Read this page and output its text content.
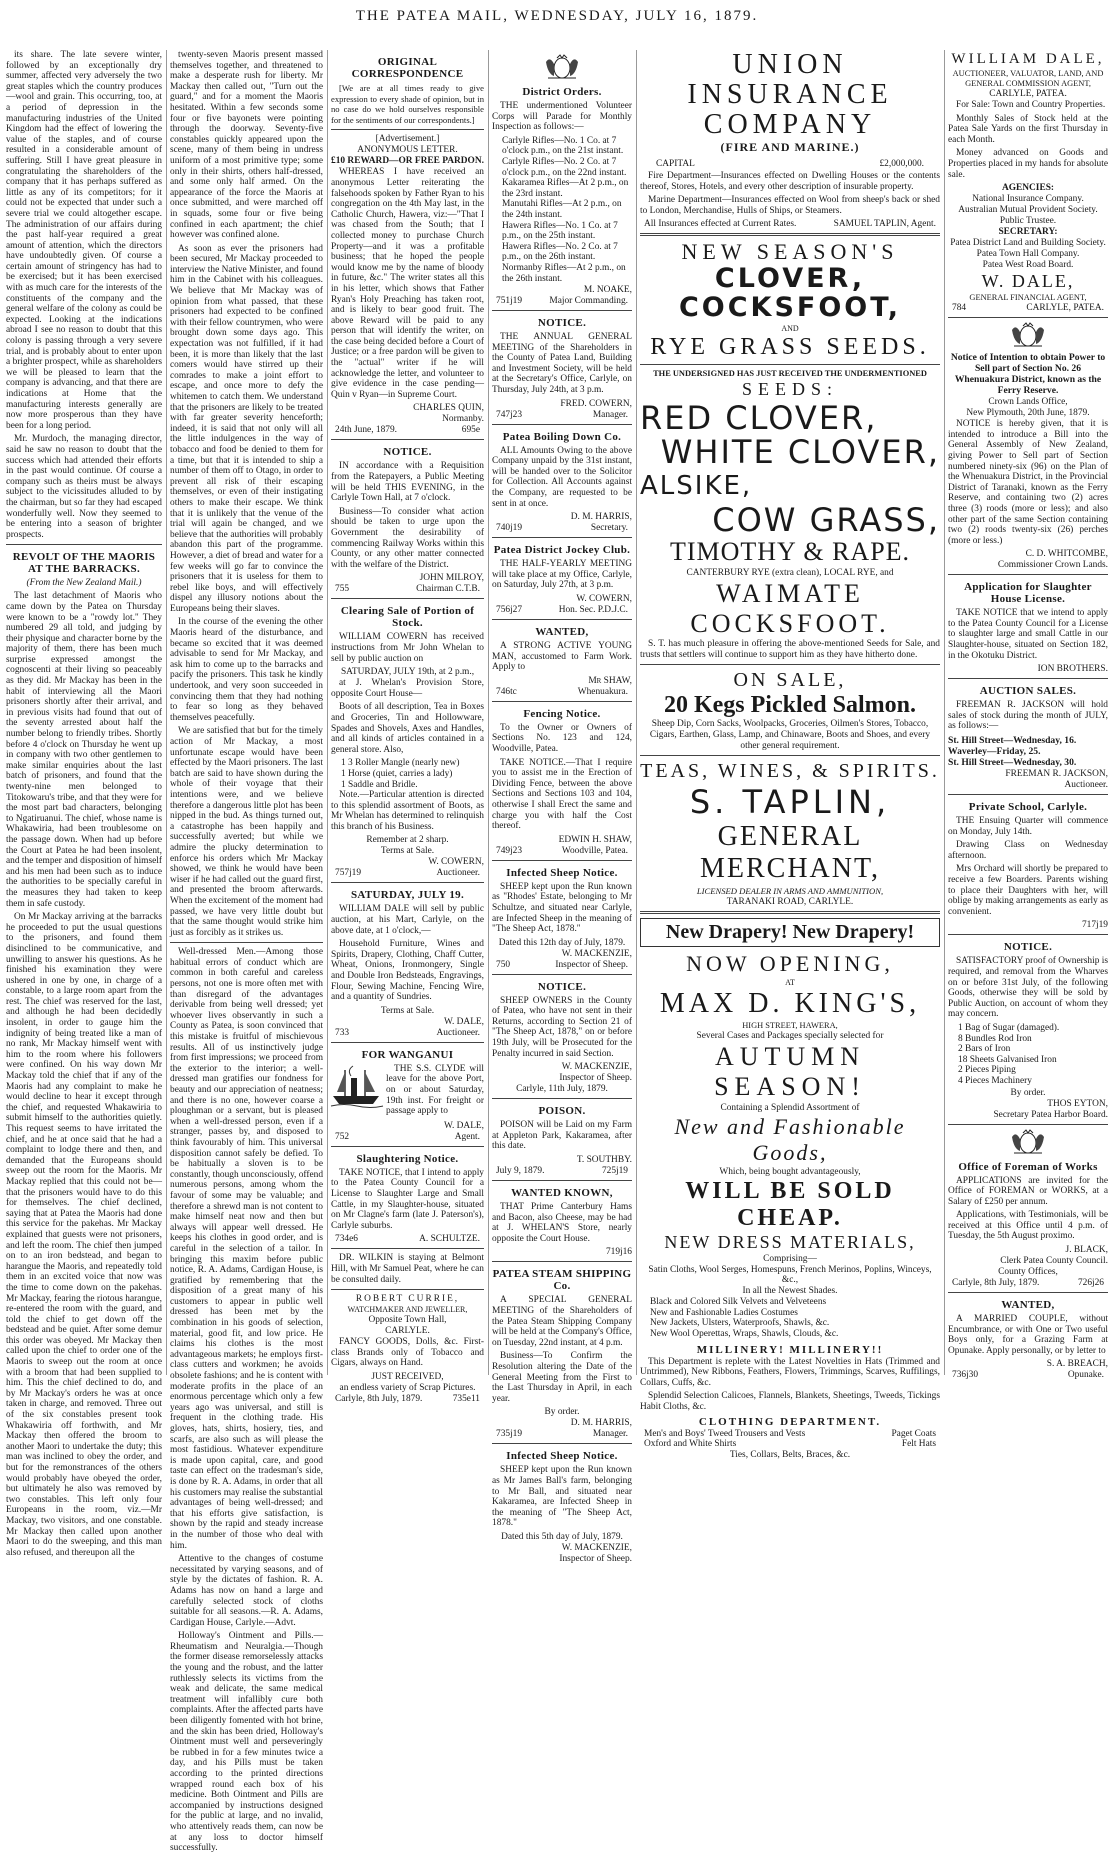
THE PATEA MAIL, WEDNESDAY, JULY 16, 1879.

its share. The late severe winter, followed by an exceptionally dry summer, affected very adversely the two great staples which the country produces—wool and grain. This occurring, too, at a period of depression in the manufacturing industries of the United Kingdom had the effect of lowering the value of the staples, and of course resulted in a considerable amount of suffering. Still I have great pleasure in congratulating the shareholders of the company that it has perhaps suffered as little as any of its competitors; for it could not be expected that under such a severe trial we could altogether escape. The administration of our affairs during the past half-year required a great amount of attention, which the directors have undoubtedly given. Of course a certain amount of stringency has had to be exercised; but it has been exercised with as much care for the interests of the constituents of the company and the general welfare of the colony as could be expected. Looking at the indications abroad I see no reason to doubt that this colony is passing through a very severe trial, and is probably about to enter upon a brighter prospect, while as shareholders we will be pleased to learn that the company is advancing, and that there are indications at Home that the manufacturing interests generally are now more prosperous than they have been for a long period.

Mr. Murdoch, the managing director, said he saw no reason to doubt that the success which had attended their efforts in the past would continue. Of course a company such as theirs must be always subject to the vicissitudes alluded to by the chairman, but so far they had escaped wonderfully well. Now they seemed to be entering into a season of brighter prospects.

REVOLT OF THE MAORIS AT THE BARRACKS.
(From the New Zealand Mail.)

The last detachment of Maoris who came down by the Patea on Thursday were known to be a "rowdy lot." They numbered 29 all told, and judging by their physique and character borne by the majority of them, there has been much surprise expressed amongst the cognoscenti at their living so peaceably as they did. Mr Mackay has been in the habit of interviewing all the Maori prisoners shortly after their arrival, and in previous visits had found that out of the seventy arrested about half the number belong to friendly tribes. Shortly before 4 o'clock on Thursday he went up in company with two other gentlemen to make similar enquiries about the last batch of prisoners, and found that the twenty-nine men belonged to Titokowaru's tribe, and that they were for the most part bad characters, belonging to Ngatiruanui. The chief, whose name is Whakawiria, had been troublesome on the passage down. When had up before the Court at Patea he had been insolent, and the temper and disposition of himself and his men had been such as to induce the authorities to be specially careful in the measures they had taken to keep them in safe custody.

On Mr Mackay arriving at the barracks he proceeded to put the usual questions to the prisoners, and found them disinclined to be communicative, and unwilling to answer his questions. As he finished his examination they were ushered in one by one, in charge of a constable, to a large room apart from the rest. The chief was reserved for the last, and although he had been decidedly insolent, in order to gauge him the indignity of being treated like a man of no rank, Mr Mackay himself went with him to the room where his followers were confined. On his way down Mr Mackay told the chief that if any of the Maoris had any complaint to make he would decline to hear it except through the chief, and requested Whakawiria to submit himself to the authorities quietly. This request seems to have irritated the chief, and he at once said that he had a complaint to lodge there and then, and demanded that the Europeans should sweep out the room for the Maoris. Mr Mackay replied that this could not be—that the prisoners would have to do this for themselves. The chief declined, saying that at Patea the Maoris had done this service for the pakehas. Mr Mackay explained that guests were not prisoners, and left the room. The chief then jumped on to an iron bedstead, and began to harangue the Maoris, and repeatedly told them in an excited voice that now was the time to come down on the pakehas. Mr Mackay, fearing the riotous harangue, re-entered the room with the guard, and told the chief to get down off the bedstead and be quiet. After some demur this order was obeyed. Mr Mackay then called upon the chief to order one of the Maoris to sweep out the room at once with a broom that had been supplied to him. This the chief declined to do, and by Mr Mackay's orders he was at once taken in charge, and removed. Three out of the six constables present took Whakawiria off forthwith, and Mr Mackay then offered the broom to another Maori to undertake the duty; this man was inclined to obey the order, and but for the remonstrances of the others would probably have obeyed the order, but ultimately he also was removed by two constables. This left only four Europeans in the room, viz.—Mr Mackay, two visitors, and one constable. Mr Mackay then called upon another Maori to do the sweeping, and this man also refused, and thereupon all the

twenty-seven Maoris present massed themselves together, and threatened to make a desperate rush for liberty. Mr Mackay then called out, "Turn out the guard," and for a moment the Maoris hesitated. Within a few seconds some four or five bayonets were pointing through the doorway. Seventy-five constables quickly appeared upon the scene, many of them being in undress uniform of a most primitive type; some only in their shirts, others half-dressed, and some only half armed. On the appearance of the force the Maoris at once submitted, and were marched off in squads, some four or five being confined in each apartment; the chief however was confined alone.

As soon as ever the prisoners had been secured, Mr Mackay proceeded to interview the Native Minister, and found him in the Cabinet with his colleagues. We believe that Mr Mackay was of opinion from what passed, that these prisoners had expected to be confined with their fellow countrymen, who were brought down some days ago. This expectation was not fulfilled, if it had been, it is more than likely that the last comers would have stirred up their comrades to make a joint effort to escape, and once more to defy the whitemen to catch them. We understand that the prisoners are likely to be treated with far greater severity henceforth; indeed, it is said that not only will all the little indulgences in the way of tobacco and food be denied to them for a time, but that it is intended to ship a number of them off to Otago, in order to prevent all risk of their escaping themselves, or even of their instigating others to make their escape. We think that it is unlikely that the venue of the trial will again be changed, and we believe that the authorities will probably abandon this part of the programme. However, a diet of bread and water for a few weeks will go far to convince the prisoners that it is useless for them to rebel like boys, and will effectively dispel any illusory notions about the Europeans being their slaves.

In the course of the evening the other Maoris heard of the disturbance, and became so excited that it was deemed advisable to send for Mr Mackay, and ask him to come up to the barracks and pacify the prisoners. This task he kindly undertook, and very soon succeeded in convincing them that they had nothing to fear so long as they behaved themselves peacefully.

We are satisfied that but for the timely action of Mr Mackay, a most unfortunate escape would have been effected by the Maori prisoners. The last batch are said to have shown during the whole of their voyage that their intentions were, and we believe therefore a dangerous little plot has been nipped in the bud. As things turned out, a catastrophe has been happily and successfully averted; but while we admire the plucky determination to enforce his orders which Mr Mackay showed, we think he would have been wiser if he had called out the guard first, and presented the broom afterwards. When the excitement of the moment had passed, we have very little doubt but that the same thought would strike him just as forcibly as it strikes us.

Well-dressed Men.—Among those habitual errors of conduct which are common in both careful and careless persons, not one is more often met with than disregard of the advantages derivable from being well dressed; yet whoever lives observantly in such a County as Patea, is soon convinced that this mistake is fruitful of mischievous results. All of us instinctively judge from first impressions; we proceed from the exterior to the interior; a well-dressed man gratifies our fondness for beauty and our appreciation of neatness; and there is no one, however coarse a ploughman or a servant, but is pleased when a well-dressed person, even if a stranger, passes by, and disposed to think favourably of him. This universal disposition cannot safely be defied. To be habitually a sloven is to be constantly, though unconsciously, offend numerous persons, among whom the favour of some may be valuable; and therefore a shrewd man is not content to make himself neat now and then but always will appear well dressed. He keeps his clothes in good order, and is careful in the selection of a tailor. In bringing this maxim before public notice, R. A. Adams, Cardigan House, is gratified by remembering that the disposition of a great many of his customers to appear in public well dressed has been met by the combination in his goods of selection, material, good fit, and low price. He claims his clothes is the most advantageous markets; he employs first-class cutters and workmen; he avoids obsolete fashions; and he is content with moderate profits in the place of an enormous percentage which only a few years ago was universal, and still is frequent in the clothing trade. His gloves, hats, shirts, hosiery, ties, and scarfs, are also such as will please the most fastidious. Whatever expenditure is made upon capital, care, and good taste can effect on the tradesman's side, is done by R. A. Adams, in order that all his customers may realise the substantial advantages of being well-dressed; and that his efforts give satisfaction, is shown by the rapid and steady increase in the number of those who deal with him.

Attentive to the changes of costume necessitated by varying seasons, and of style by the dictates of fashion. R. A. Adams has now on hand a large and carefully selected stock of cloths suitable for all seasons.—R. A. Adams, Cardigan House, Carlyle.—Advt.

Holloway's Ointment and Pills.—Rheumatism and Neuralgia.—Though the former disease remorselessly attacks the young and the robust, and the latter ruthlessly selects its victims from the weak and delicate, the same medical treatment will infallibly cure both complaints. After the affected parts have been diligently fomented with hot brine, and the skin has been dried, Holloway's Ointment must well and perseveringly be rubbed in for a few minutes twice a day, and his Pills must be taken according to the printed directions wrapped round each box of his medicine. Both Ointment and Pills are accompanied by instructions designed for the public at large, and no invalid, who attentively reads them, can now be at any loss to doctor himself successfully.

ORIGINAL CORRESPONDENCE

[We are at all times ready to give expression to every shade of opinion, but in no case do we hold ourselves responsible for the sentiments of our correspondents.]

[Advertisement.]
ANONYMOUS LETTER.
£10 REWARD—OR FREE PARDON.

WHEREAS I have received an anonymous Letter reiterating the falsehoods spoken by Father Ryan to his congregation on the 4th May last, in the Catholic Church, Hawera, viz:—"That I was chased from the South; that I collected money to purchase Church Property—and it was a profitable business; that he hoped the people would know me by the name of bloody in future, &c." The writer states all this in his letter, which shows that Father Ryan's Holy Preaching has taken root, and is likely to bear good fruit. The above Reward will be paid to any person that will identify the writer, on the case being decided before a Court of Justice; or a free pardon will be given to the "actual" writer if he will acknowledge the letter, and volunteer to give evidence in the case pending—Quin v Ryan—in Supreme Court.

CHARLES QUIN,
Normanby.
24th June, 1879.	695e
NOTICE.

IN accordance with a Requisition from the Ratepayers, a Public Meeting will be held THIS EVENING, in the Carlyle Town Hall, at 7 o'clock.

Business—To consider what action should be taken to urge upon the Government the desirability of commencing Railway Works within this County, or any other matter connected with the welfare of the District.

JOHN MILROY,
755	Chairman C.T.B.
Clearing Sale of Portion of Stock.

WILLIAM COWERN has received instructions from Mr John Whelan to sell by public auction on

SATURDAY, JULY 19th, at 2 p.m.,

at J. Whelan's Provision Store, opposite Court House—

Boots of all description, Tea in Boxes and Groceries, Tin and Hollowware, Spades and Shovels, Axes and Handles, and all kinds of articles contained in a general store. Also,

1 3 Roller Mangle (nearly new)
1 Horse (quiet, carries a lady)
1 Saddle and Bridle.

Note.—Particular attention is directed to this splendid assortment of Boots, as Mr Whelan has determined to relinquish this branch of his Business.

Remember at 2 sharp.
Terms at Sale.
W. COWERN,
757j19	Auctioneer.
SATURDAY, JULY 19.

WILLIAM DALE will sell by public auction, at his Mart, Carlyle, on the above date, at 1 o'clock,—

Household Furniture, Wines and Spirits, Drapery, Clothing, Chaff Cutter, Wheat, Onions, Ironmongery, Single and Double Iron Bedsteads, Engravings, Flour, Sewing Machine, Fencing Wire, and a quantity of Sundries.

Terms at Sale.
W. DALE,
733	Auctioneer.
FOR WANGANUI

THE S.S. CLYDE will leave for the above Port, on or about Saturday, 19th inst. For freight or passage apply to

W. DALE,
752	Agent.
Slaughtering Notice.

TAKE NOTICE, that I intend to apply to the Patea County Council for a License to Slaughter Large and Small Cattle, in my Slaughter-house, situated on Mr Clagne's farm (late J. Paterson's), Carlyle suburbs.

734e6	A. SCHULTZE.

DR. WILKIN is staying at Belmont Hill, with Mr Samuel Peat, where he can be consulted daily.

ROBERT CURRIE,
WATCHMAKER AND JEWELLER,
Opposite Town Hall,
CARLYLE.

FANCY GOODS, Dolls, &c. First-class Brands only of Tobacco and Cigars, always on Hand.

JUST RECEIVED,
an endless variety of Scrap Pictures.
Carlyle, 8th July, 1879.	735e11
District Orders.

THE undermentioned Volunteer Corps will Parade for Monthly Inspection as follows:—

Carlyle Rifles—No. 1 Co. at 7 o'clock p.m., on the 21st instant.
Carlyle Rifles—No. 2 Co. at 7 o'clock p.m., on the 22nd instant.
Kakaramea Rifles—At 2 p.m., on the 23rd instant.
Manutahi Rifles—At 2 p.m., on the 24th instant.
Hawera Rifles—No. 1 Co. at 7 p.m., on the 25th instant.
Hawera Rifles—No. 2 Co. at 7 p.m., on the 26th instant.
Normanby Rifles—At 2 p.m., on the 26th instant.
M. NOAKE,
751j19	Major Commanding.
NOTICE.

THE ANNUAL GENERAL MEETING of the Shareholders in the County of Patea Land, Building and Investment Society, will be held at the Secretary's Office, Carlyle, on Thursday, July 24th, at 3 p.m.

FRED. COWERN,
747j23	Manager.
Patea Boiling Down Co.

ALL Amounts Owing to the above Company unpaid by the 31st instant, will be handed over to the Solicitor for Collection. All Accounts against the Company, are requested to be sent in at once.

D. M. HARRIS,
740j19	Secretary.
Patea District Jockey Club.

THE HALF-YEARLY MEETING will take place at my Office, Carlyle, on Saturday, July 27th, at 3 p.m.

W. COWERN,
756j27	Hon. Sec. P.D.J.C.
WANTED,

A STRONG ACTIVE YOUNG MAN, accustomed to Farm Work. Apply to

Mr SHAW,
746tc	Whenuakura.
Fencing Notice.

To the Owner or Owners of Sections No. 123 and 124, Woodville, Patea.

TAKE NOTICE.—That I require you to assist me in the Erection of Dividing Fence, between the above Sections and Sections 103 and 104, otherwise I shall Erect the same and charge you with half the Cost thereof.

EDWIN H. SHAW,
749j23	Woodville, Patea.
Infected Sheep Notice.

SHEEP kept upon the Run known as "Rhodes' Estate, belonging to Mr Schultze, and situated near Carlyle, are Infected Sheep in the meaning of "The Sheep Act, 1878."

Dated this 12th day of July, 1879.
W. MACKENZIE,
750	Inspector of Sheep.
NOTICE.

SHEEP OWNERS in the County of Patea, who have not sent in their Returns, according to Section 21 of "The Sheep Act, 1878," on or before 19th July, will be Prosecuted for the Penalty incurred in said Section.

W. MACKENZIE,
Inspector of Sheep.
Carlyle, 11th July, 1879.
POISON.

POISON will be Laid on my Farm at Appleton Park, Kakaramea, after this date.

T. SOUTHBY.
July 9, 1879.	725j19
WANTED KNOWN,

THAT Prime Canterbury Hams and Bacon, also Cheese, may be had at J. WHELAN'S Store, nearly opposite the Court House.

719j16
PATEA STEAM SHIPPING Co.

A SPECIAL GENERAL MEETING of the Shareholders of the Patea Steam Shipping Company will be held at the Company's Office, on Tuesday, 22nd instant, at 4 p.m.

Business—To Confirm the Resolution altering the Date of the General Meeting from the First to the Last Thursday in April, in each year.

By order.
D. M. HARRIS,
735j19	Manager.
Infected Sheep Notice.

SHEEP kept upon the Run known as Mr James Ball's farm, belonging to Mr Ball, and situated near Kakaramea, are Infected Sheep in the meaning of "The Sheep Act, 1878."

Dated this 5th day of July, 1879.
W. MACKENZIE,
Inspector of Sheep.
UNION INSURANCE COMPANY
(FIRE AND MARINE.)
CAPITAL	£2,000,000.

Fire Department—Insurances effected on Dwelling Houses or the contents thereof, Stores, Hotels, and every other description of insurable property.

Marine Department—Insurances effected on Wool from sheep's back or shed to London, Merchandise, Hulls of Ships, or Steamers.

All Insurances effected at Current Rates.	SAMUEL TAPLIN, Agent.
NEW SEASON'S
CLOVER, COCKSFOOT,
AND
RYE GRASS SEEDS.
THE UNDERSIGNED HAS JUST RECEIVED THE UNDERMENTIONED
SEEDS:
RED CLOVER,
WHITE CLOVER,
ALSIKE,
COW GRASS,
TIMOTHY & RAPE.
CANTERBURY RYE (extra clean), LOCAL RYE, and
WAIMATE COCKSFOOT.

S. T. has much pleasure in offering the above-mentioned Seeds for Sale, and trusts that settlers will continue to support him as they have hitherto done.

ON SALE,
20 Kegs Pickled Salmon.

Sheep Dip, Corn Sacks, Woolpacks, Groceries, Oilmen's Stores, Tobacco, Cigars, Earthen, Glass, Lamp, and Chinaware, Boots and Shoes, and every other general requirement.

TEAS, WINES, & SPIRITS.
S. TAPLIN,
GENERAL MERCHANT,
LICENSED DEALER IN ARMS AND AMMUNITION,
TARANAKI ROAD, CARLYLE.
New Drapery! New Drapery!
NOW OPENING,
AT
MAX D. KING'S,
HIGH STREET, HAWERA,
Several Cases and Packages specially selected for
AUTUMN SEASON!
Containing a Splendid Assortment of
New and Fashionable Goods,
Which, being bought advantageously,
WILL BE SOLD CHEAP.
NEW DRESS MATERIALS,
Comprising—
Satin Cloths, Wool Serges, Homespuns, French Merinos, Poplins, Winceys, &c.,
In all the Newest Shades.
Black and Colored Silk Velvets and Velveteens
New and Fashionable Ladies Costumes
New Jackets, Ulsters, Waterproofs, Shawls, &c.
New Wool Operettas, Wraps, Shawls, Clouds, &c.
MILLINERY! MILLINERY!!

This Department is replete with the Latest Novelties in Hats (Trimmed and Untrimmed), New Ribbons, Feathers, Flowers, Trimmings, Scarves, Ruffilings, Collars, Cuffs, &c.

Splendid Selection Calicoes, Flannels, Blankets, Sheetings, Tweeds, Tickings Habit Cloths, &c.

CLOTHING DEPARTMENT.
Men's and Boys' Tweed Trousers and Vests	Paget Coats
Oxford and White Shirts	Felt Hats
Ties, Collars, Belts, Braces, &c.
WILLIAM DALE,
AUCTIONEER, VALUATOR, LAND, AND
GENERAL COMMISSION AGENT,
CARLYLE, PATEA.

For Sale: Town and Country Properties.

Monthly Sales of Stock held at the Patea Sale Yards on the first Thursday in each Month.

Money advanced on Goods and Properties placed in my hands for absolute sale.

AGENCIES:
National Insurance Company.
Australian Mutual Provident Society.
Public Trustee.
SECRETARY:
Patea District Land and Building Society.
Patea Town Hall Company.
Patea West Road Board.
W. DALE,
GENERAL FINANCIAL AGENT,
784	CARLYLE, PATEA.
Notice of Intention to obtain Power to Sell part of Section No. 26 Whenuakura District, known as the Ferry Reserve.
Crown Lands Office,
New Plymouth, 20th June, 1879.

NOTICE is hereby given, that it is intended to introduce a Bill into the General Assembly of New Zealand, giving Power to Sell part of Section numbered ninety-six (96) on the Plan of the Whenuakura District, in the Provincial District of Taranaki, known as the Ferry Reserve, and containing two (2) acres three (3) roods (more or less); and also other part of the same Section containing two (2) roods twenty-six (26) perches (more or less.)

C. D. WHITCOMBE,
Commissioner Crown Lands.
Application for Slaughter House License.

TAKE NOTICE that we intend to apply to the Patea County Council for a License to slaughter large and small Cattle in our Slaughter-house, situated on Section 182, in the Okotuku District.

ION BROTHERS.
AUCTION SALES.

FREEMAN R. JACKSON will hold sales of stock during the month of JULY, as follows:—

St. Hill Street—Wednesday, 16.
Waverley—Friday, 25.
St. Hill Street—Wednesday, 30.
FREEMAN R. JACKSON,
Auctioneer.
Private School, Carlyle.

THE Ensuing Quarter will commence on Monday, July 14th.

Drawing Class on Wednesday afternoon.

Mrs Orchard will shortly be prepared to receive a few Boarders. Parents wishing to place their Daughters with her, will oblige by making arrangements as early as convenient.

717j19
NOTICE.

SATISFACTORY proof of Ownership is required, and removal from the Wharves on or before 31st July, of the following Goods, otherwise they will be sold by Public Auction, on account of whom they may concern.

1 Bag of Sugar (damaged).
8 Bundles Rod Iron
2 Bars of Iron
18 Sheets Galvanised Iron
2 Pieces Piping
4 Pieces Machinery
By order.
THOS EYTON,
Secretary Patea Harbor Board.
Office of Foreman of Works

APPLICATIONS are invited for the Office of FOREMAN or WORKS, at a Salary of £250 per annum.

Applications, with Testimonials, will be received at this Office until 4 p.m. of Tuesday, the 5th August proximo.

J. BLACK,
Clerk Patea County Council.
County Offices,
Carlyle, 8th July, 1879.	726j26
WANTED,

A MARRIED COUPLE, without Encumbrance, or with One or Two useful Boys only, for a Grazing Farm at Opunake. Apply personally, or by letter to

S. A. BREACH,
736j30	Opunake.
